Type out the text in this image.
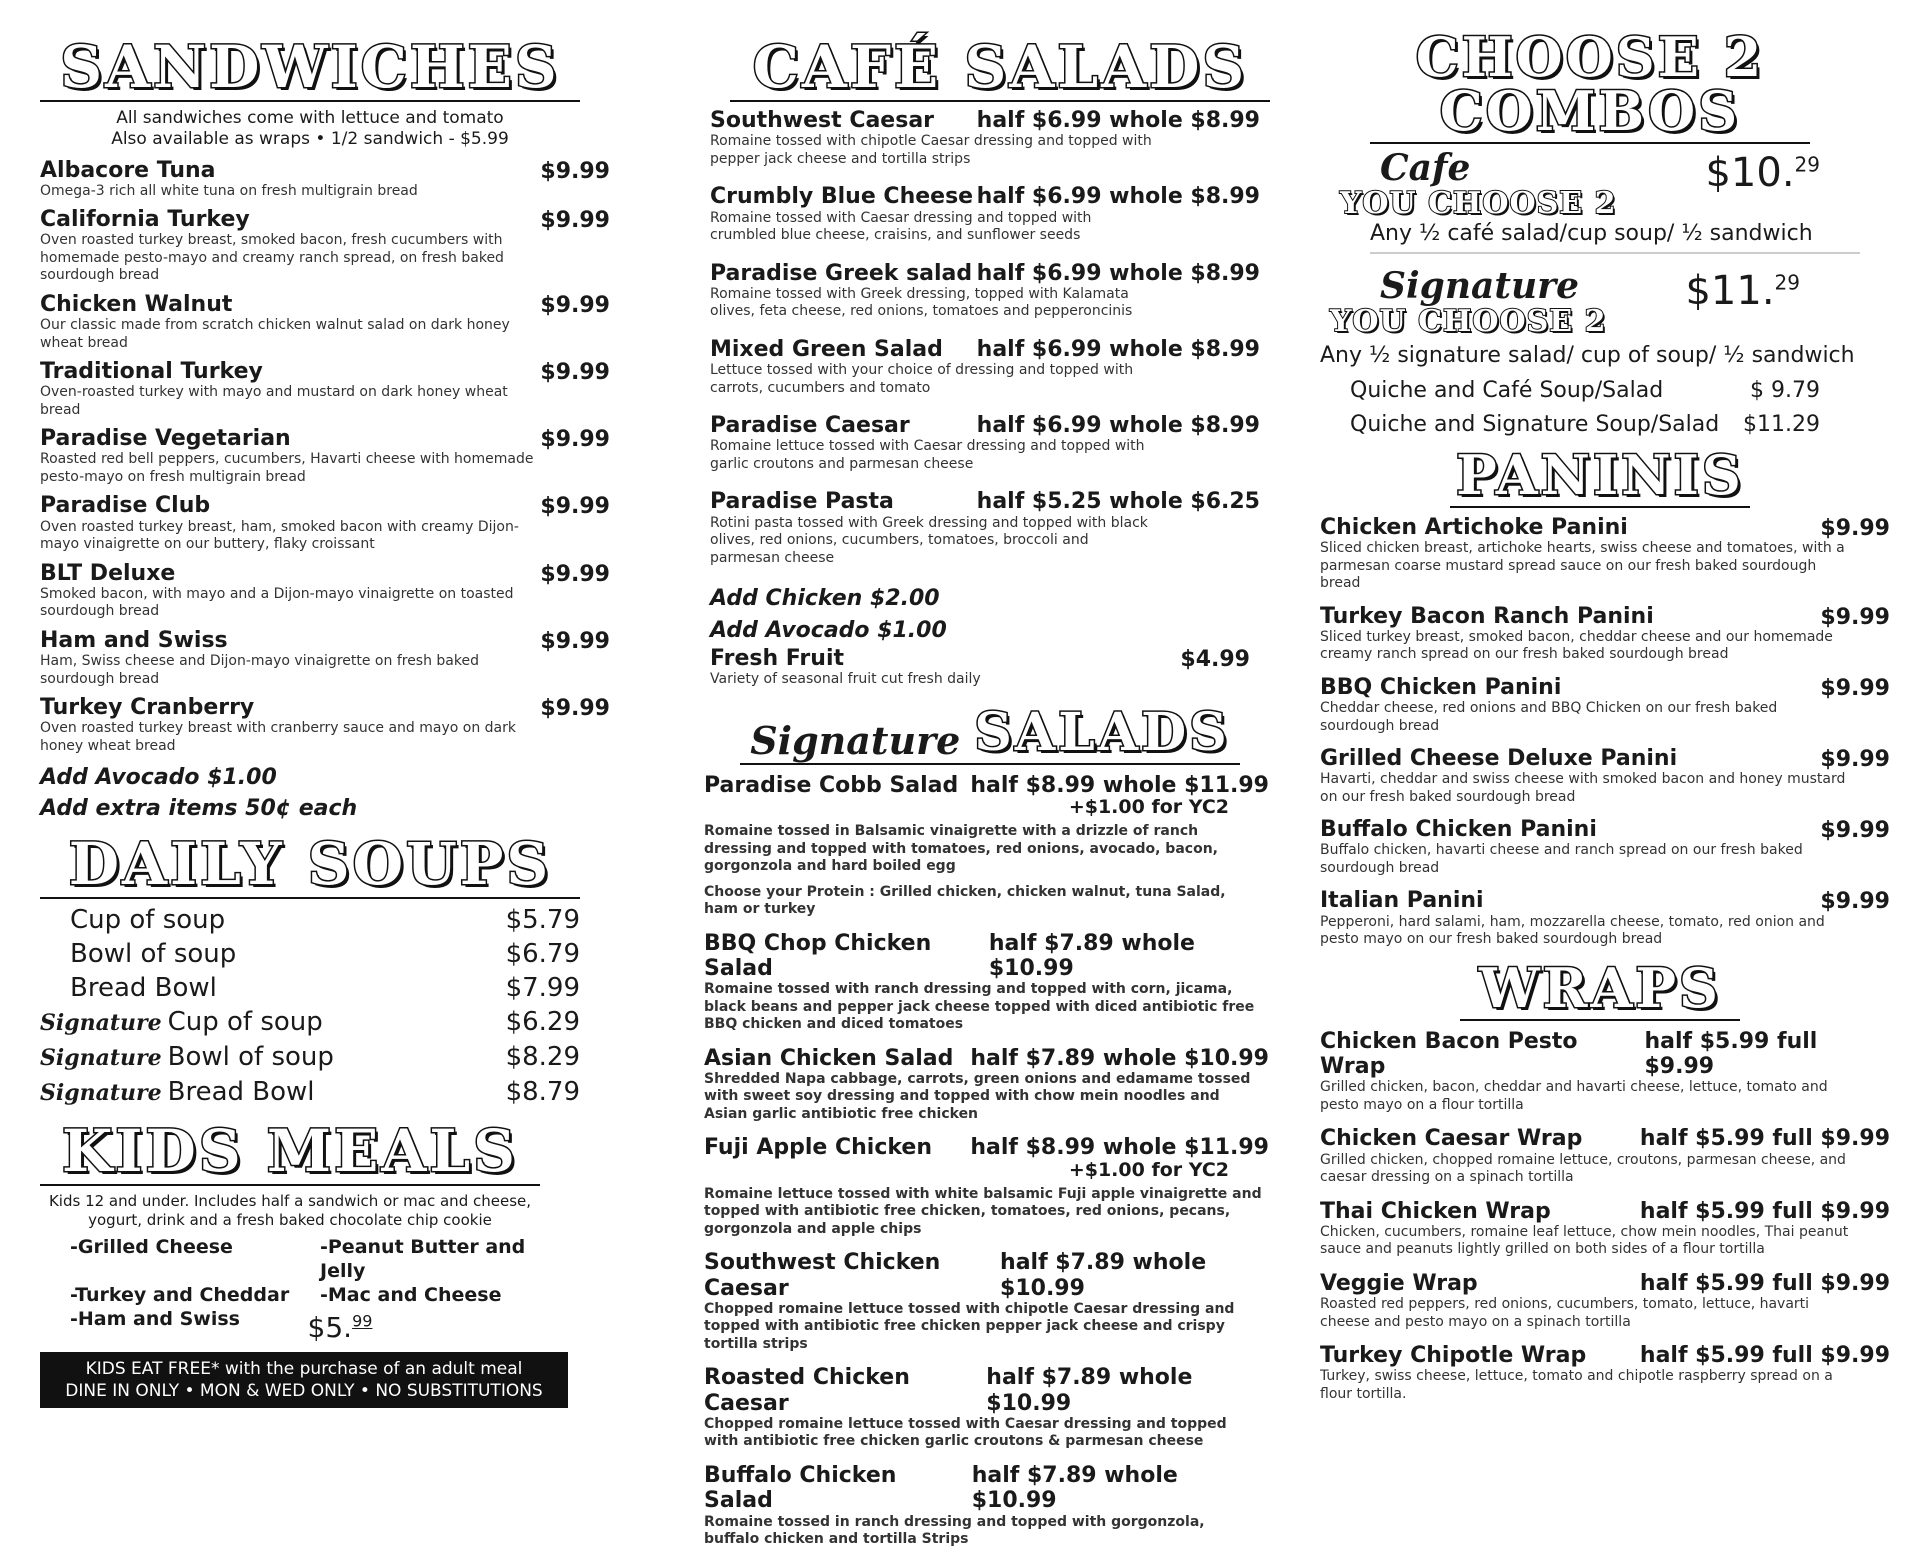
SANDWICHES
All sandwiches come with lettuce and tomato
Also available as wraps • 1/2 sandwich - $5.99
Albacore Tuna	$9.99
Omega-3 rich all white tuna on fresh multigrain bread
California Turkey	$9.99
Oven roasted turkey breast, smoked bacon, fresh cucumbers with homemade pesto-mayo and creamy ranch spread, on fresh baked sourdough bread
Chicken Walnut	$9.99
Our classic made from scratch chicken walnut salad on dark honey wheat bread
Traditional Turkey	$9.99
Oven-roasted turkey with mayo and mustard on dark honey wheat bread
Paradise Vegetarian	$9.99
Roasted red bell peppers, cucumbers, Havarti cheese with homemade pesto-mayo on fresh multigrain bread
Paradise Club	$9.99
Oven roasted turkey breast, ham, smoked bacon with creamy Dijon-mayo vinaigrette on our buttery, flaky croissant
BLT Deluxe	$9.99
Smoked bacon, with mayo and a Dijon-mayo vinaigrette on toasted sourdough bread
Ham and Swiss	$9.99
Ham, Swiss cheese and Dijon-mayo vinaigrette on fresh baked sourdough bread
Turkey Cranberry	$9.99
Oven roasted turkey breast with cranberry sauce and mayo on dark honey wheat bread
Add Avocado $1.00
Add extra items 50¢ each
DAILY SOUPS
Cup of soup	$5.79
Bowl of soup	$6.79
Bread Bowl	$7.99
Signature Cup of soup	$6.29
Signature Bowl of soup	$8.29
Signature Bread Bowl	$8.79
KIDS MEALS
Kids 12 and under. Includes half a sandwich or mac and cheese, yogurt, drink and a fresh baked chocolate chip cookie
-Grilled Cheese	-Peanut Butter and Jelly
-Turkey and Cheddar	-Mac and Cheese
-Ham and Swiss	$5.99
KIDS EAT FREE* with the purchase of an adult meal
DINE IN ONLY • MON & WED ONLY • NO SUBSTITUTIONS
CAFÉ SALADS
Southwest Caesar half $6.99 whole $8.99
Romaine tossed with chipotle Caesar dressing and topped with pepper jack cheese and tortilla strips
Crumbly Blue Cheese half $6.99 whole $8.99
Romaine tossed with Caesar dressing and topped with crumbled blue cheese, craisins, and sunflower seeds
Paradise Greek salad half $6.99 whole $8.99
Romaine tossed with Greek dressing, topped with Kalamata olives, feta cheese, red onions, tomatoes and pepperoncinis
Mixed Green Salad half $6.99 whole $8.99
Lettuce tossed with your choice of dressing and topped with carrots, cucumbers and tomato
Paradise Caesar	half $6.99 whole $8.99
Romaine lettuce tossed with Caesar dressing and topped with garlic croutons and parmesan cheese
Paradise Pasta	half $5.25 whole $6.25
Rotini pasta tossed with Greek dressing and topped with black olives, red onions, cucumbers, tomatoes, broccoli and parmesan cheese
Add Chicken $2.00
Add Avocado $1.00
Fresh Fruit	$4.99
Variety of seasonal fruit cut fresh daily
Signature SALADS
Paradise Cobb Salad half $8.99 whole $11.99
+$1.00 for YC2
Romaine tossed in Balsamic vinaigrette with a drizzle of ranch dressing and topped with tomatoes, red onions, avocado, bacon, gorgonzola and hard boiled egg
Choose your Protein : Grilled chicken, chicken walnut, tuna Salad, ham or turkey
BBQ Chop Chicken Salad
half $7.89 whole $10.99
Romaine tossed with ranch dressing and topped with corn, jicama, black beans and pepper jack cheese topped with diced antibiotic free BBQ chicken and diced tomatoes
Asian Chicken Salad half $7.89 whole $10.99
Shredded Napa cabbage, carrots, green onions and edamame tossed with sweet soy dressing and topped with chow mein noodles and Asian garlic antibiotic free chicken
Fuji Apple Chicken half $8.99 whole $11.99
+$1.00 for YC2
Romaine lettuce tossed with white balsamic Fuji apple vinaigrette and topped with antibiotic free chicken, tomatoes, red onions, pecans, gorgonzola and apple chips
Southwest Chicken Caesar
half $7.89 whole $10.99
Chopped romaine lettuce tossed with chipotle Caesar dressing and topped with antibiotic free chicken pepper jack cheese and crispy tortilla strips
Roasted Chicken Caesar
half $7.89 whole $10.99
Chopped romaine lettuce tossed with Caesar dressing and topped with antibiotic free chicken garlic croutons & parmesan cheese
Buffalo Chicken Salad
half $7.89 whole $10.99
Romaine tossed in ranch dressing and topped with gorgonzola, buffalo chicken and tortilla Strips
CHOOSE 2
COMBOS
Cafe
YOU CHOOSE 2
$10.29
Any ½ café salad/cup soup/ ½ sandwich
Signature
YOU CHOOSE 2
$11.29
Any ½ signature salad/ cup of soup/ ½ sandwich
Quiche and Café Soup/Salad	$ 9.79
Quiche and Signature Soup/Salad $11.29
PANINIS
Chicken Artichoke Panini	$9.99
Sliced chicken breast, artichoke hearts, swiss cheese and tomatoes, with a parmesan coarse mustard spread sauce on our fresh baked sourdough bread
Turkey Bacon Ranch Panini	$9.99
Sliced turkey breast, smoked bacon, cheddar cheese and our homemade creamy ranch spread on our fresh baked sourdough bread
BBQ Chicken Panini	$9.99
Cheddar cheese, red onions and BBQ Chicken on our fresh baked sourdough bread
Grilled Cheese Deluxe Panini	$9.99
Havarti, cheddar and swiss cheese with smoked bacon and honey mustard on our fresh baked sourdough bread
Buffalo Chicken Panini	$9.99
Buffalo chicken, havarti cheese and ranch spread on our fresh baked sourdough bread
Italian Panini	$9.99
Pepperoni, hard salami, ham, mozzarella cheese, tomato, red onion and pesto mayo on our fresh baked sourdough bread
WRAPS
Chicken Bacon Pesto Wrap
half $5.99 full $9.99
Grilled chicken, bacon, cheddar and havarti cheese, lettuce, tomato and pesto mayo on a flour tortilla
Chicken Caesar Wrap	half $5.99 full $9.99
Grilled chicken, chopped romaine lettuce, croutons, parmesan cheese, and caesar dressing on a spinach tortilla
Thai Chicken Wrap	half $5.99 full $9.99
Chicken, cucumbers, romaine leaf lettuce, chow mein noodles, Thai peanut sauce and peanuts lightly grilled on both sides of a flour tortilla
Veggie Wrap	half $5.99 full $9.99
Roasted red peppers, red onions, cucumbers, tomato, lettuce, havarti cheese and pesto mayo on a spinach tortilla
Turkey Chipotle Wrap half $5.99 full $9.99
Turkey, swiss cheese, lettuce, tomato and chipotle raspberry spread on a flour tortilla.
